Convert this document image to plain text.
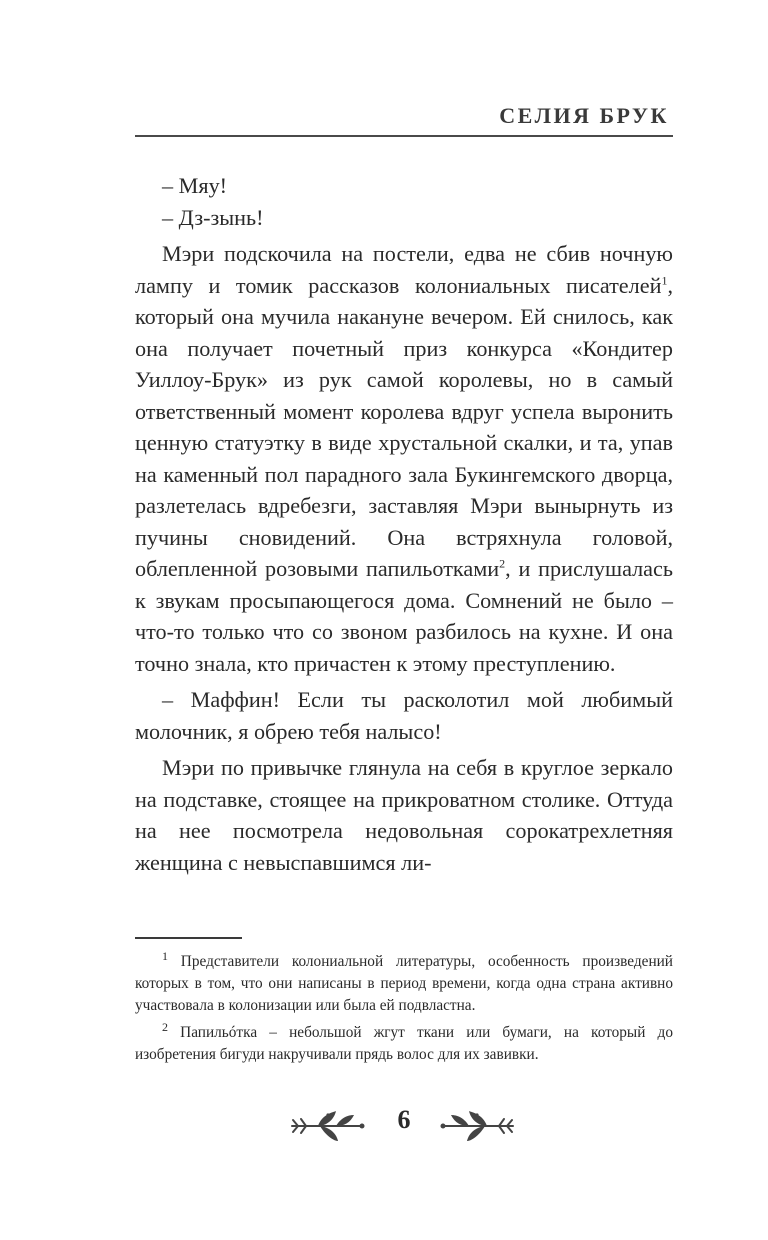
СЕЛИЯ БРУК

– Мяу!

– Дз-зынь!

Мэри подскочила на постели, едва не сбив ночную лампу и томик рассказов колониальных писателей$^1$, который она мучила накануне вечером. Ей снилось, как она получает почетный приз конкурса «Кондитер Уиллоу-Брук» из рук самой королевы, но в самый ответственный момент королева вдруг успела выронить ценную статуэтку в виде хрустальной скалки, и та, упав на каменный пол парадного зала Букингемского дворца, разлетелась вдребезги, заставляя Мэри вынырнуть из пучины сновидений. Она встряхнула головой, облепленной розовыми папильотками$^2$, и прислушалась к звукам просыпающегося дома. Сомнений не было – что-то только что со звоном разбилось на кухне. И она точно знала, кто причастен к этому преступлению.

– Маффин! Если ты расколотил мой любимый молочник, я обрею тебя налысо!

Мэри по привычке глянула на себя в круглое зеркало на подставке, стоящее на прикроватном столике. Оттуда на нее посмотрела недовольная сорокатрехлетняя женщина с невыспавшимся ли-

$^1$ Представители колониальной литературы, особенность произведений которых в том, что они написаны в период времени, когда одна страна активно участвовала в колонизации или была ей подвластна.

$^2$ Папильóтка – небольшой жгут ткани или бумаги, на который до изобретения бигуди накручивали прядь волос для их завивки.

6
